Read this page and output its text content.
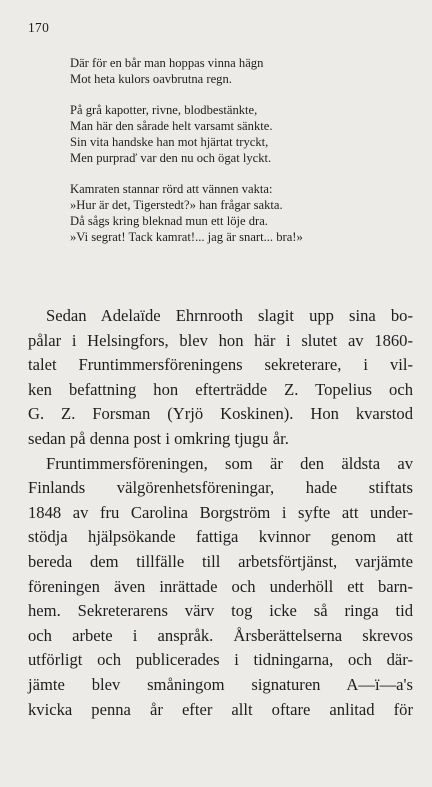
170

Där för en bår man hoppas vinna hägn

Mot heta kulors oavbrutna regn.

På grå kapotter, rivne, blodbestänkte,

Man här den sårade helt varsamt sänkte.

Sin vita handske han mot hjärtat tryckt,

Men purpraď var den nu och ögat lyckt.

Kamraten stannar rörd att vännen vakta:

»Hur är det, Tigerstedt?» han frågar sakta.

Då sågs kring bleknad mun ett löje dra.

»Vi segrat! Tack kamrat!... jag är snart... bra!»

Sedan Adelaïde Ehrnrooth slagit upp sina bo-

pålar i Helsingfors, blev hon här i slutet av 1860-

talet Fruntimmersföreningens sekreterare, i vil-

ken befattning hon efterträdde Z. Topelius och

G. Z. Forsman (Yrjö Koskinen). Hon kvarstod

sedan på denna post i omkring tjugu år.

Fruntimmersföreningen, som är den äldsta av

Finlands välgörenhetsföreningar, hade stiftats

1848 av fru Carolina Borgström i syfte att under-

stödja hjälpsökande fattiga kvinnor genom att

bereda dem tillfälle till arbetsförtjänst, varjämte

föreningen även inrättade och underhöll ett barn-

hem. Sekreterarens värv tog icke så ringa tid

och arbete i anspråk. Årsberättelserna skrevos

utförligt och publicerades i tidningarna, och där-

jämte blev småningom signaturen A—ï—a's

kvicka penna år efter allt oftare anlitad för
